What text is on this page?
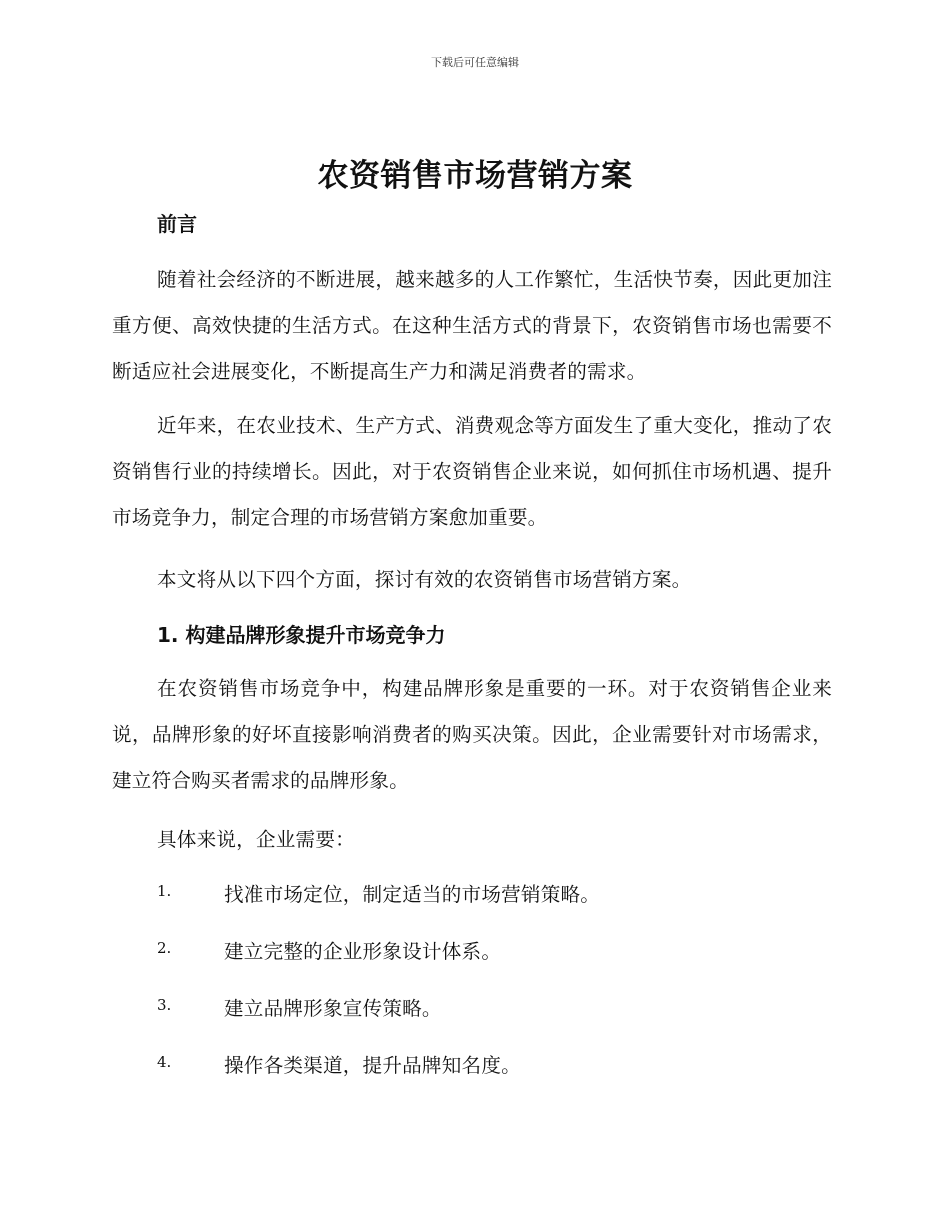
下载后可任意编辑
农资销售市场营销方案
前言
随着社会经济的不断进展，越来越多的人工作繁忙，生活快节奏，因此更加注重方便、高效快捷的生活方式。在这种生活方式的背景下，农资销售市场也需要不断适应社会进展变化，不断提高生产力和满足消费者的需求。
近年来，在农业技术、生产方式、消费观念等方面发生了重大变化，推动了农资销售行业的持续增长。因此，对于农资销售企业来说，如何抓住市场机遇、提升市场竞争力，制定合理的市场营销方案愈加重要。
本文将从以下四个方面，探讨有效的农资销售市场营销方案。
1. 构建品牌形象提升市场竞争力
在农资销售市场竞争中，构建品牌形象是重要的一环。对于农资销售企业来说，品牌形象的好坏直接影响消费者的购买决策。因此，企业需要针对市场需求，建立符合购买者需求的品牌形象。
具体来说，企业需要：
1.	找准市场定位，制定适当的市场营销策略。
2.	建立完整的企业形象设计体系。
3.	建立品牌形象宣传策略。
4.	操作各类渠道，提升品牌知名度。
